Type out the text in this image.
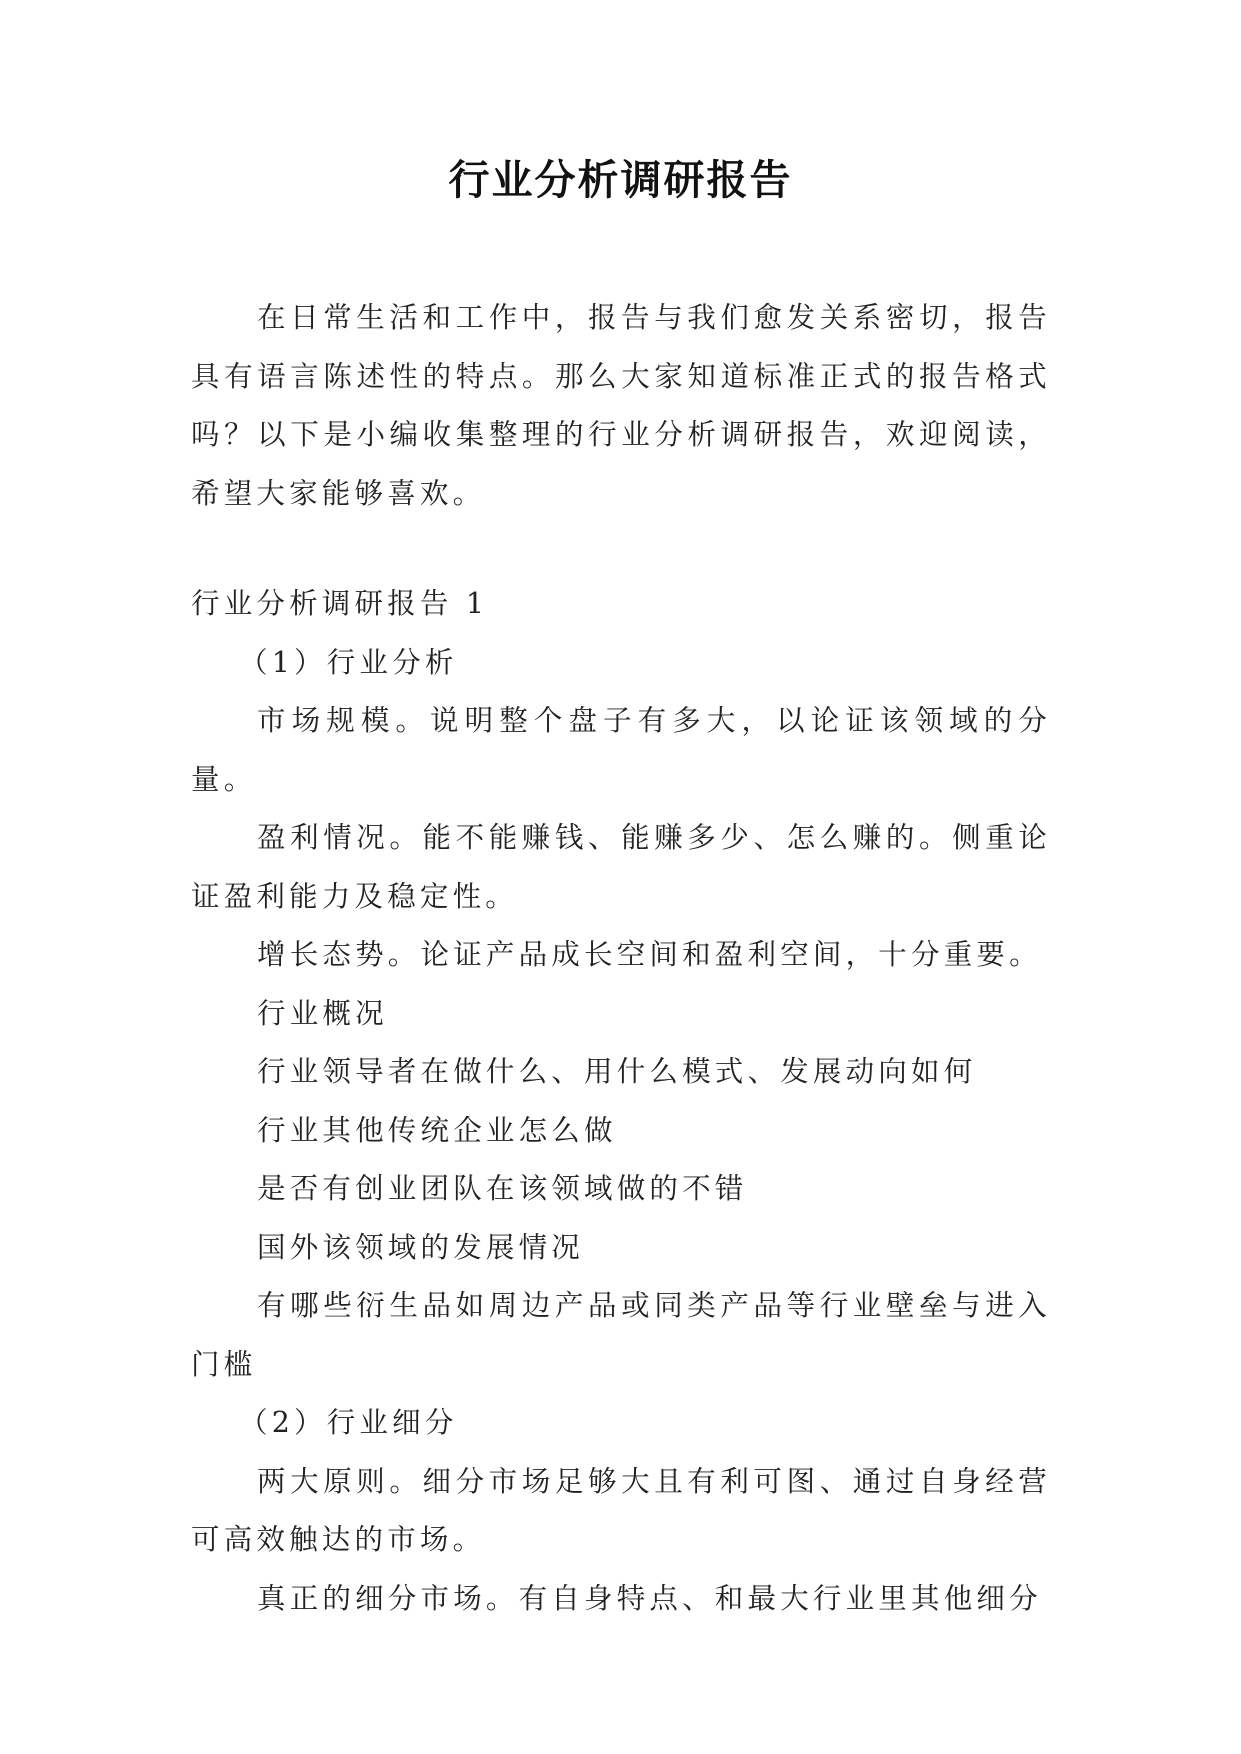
行业分析调研报告

在日常生活和工作中，报告与我们愈发关系密切，报告具有语言陈述性的特点。那么大家知道标准正式的报告格式吗？以下是小编收集整理的行业分析调研报告，欢迎阅读，希望大家能够喜欢。

行业分析调研报告 1

（1）行业分析

市场规模。说明整个盘子有多大，以论证该领域的分量。

盈利情况。能不能赚钱、能赚多少、怎么赚的。侧重论证盈利能力及稳定性。

增长态势。论证产品成长空间和盈利空间，十分重要。

行业概况

行业领导者在做什么、用什么模式、发展动向如何

行业其他传统企业怎么做

是否有创业团队在该领域做的不错

国外该领域的发展情况

有哪些衍生品如周边产品或同类产品等行业壁垒与进入门槛

（2）行业细分

两大原则。细分市场足够大且有利可图、通过自身经营可高效触达的市场。

真正的细分市场。有自身特点、和最大行业里其他细分
